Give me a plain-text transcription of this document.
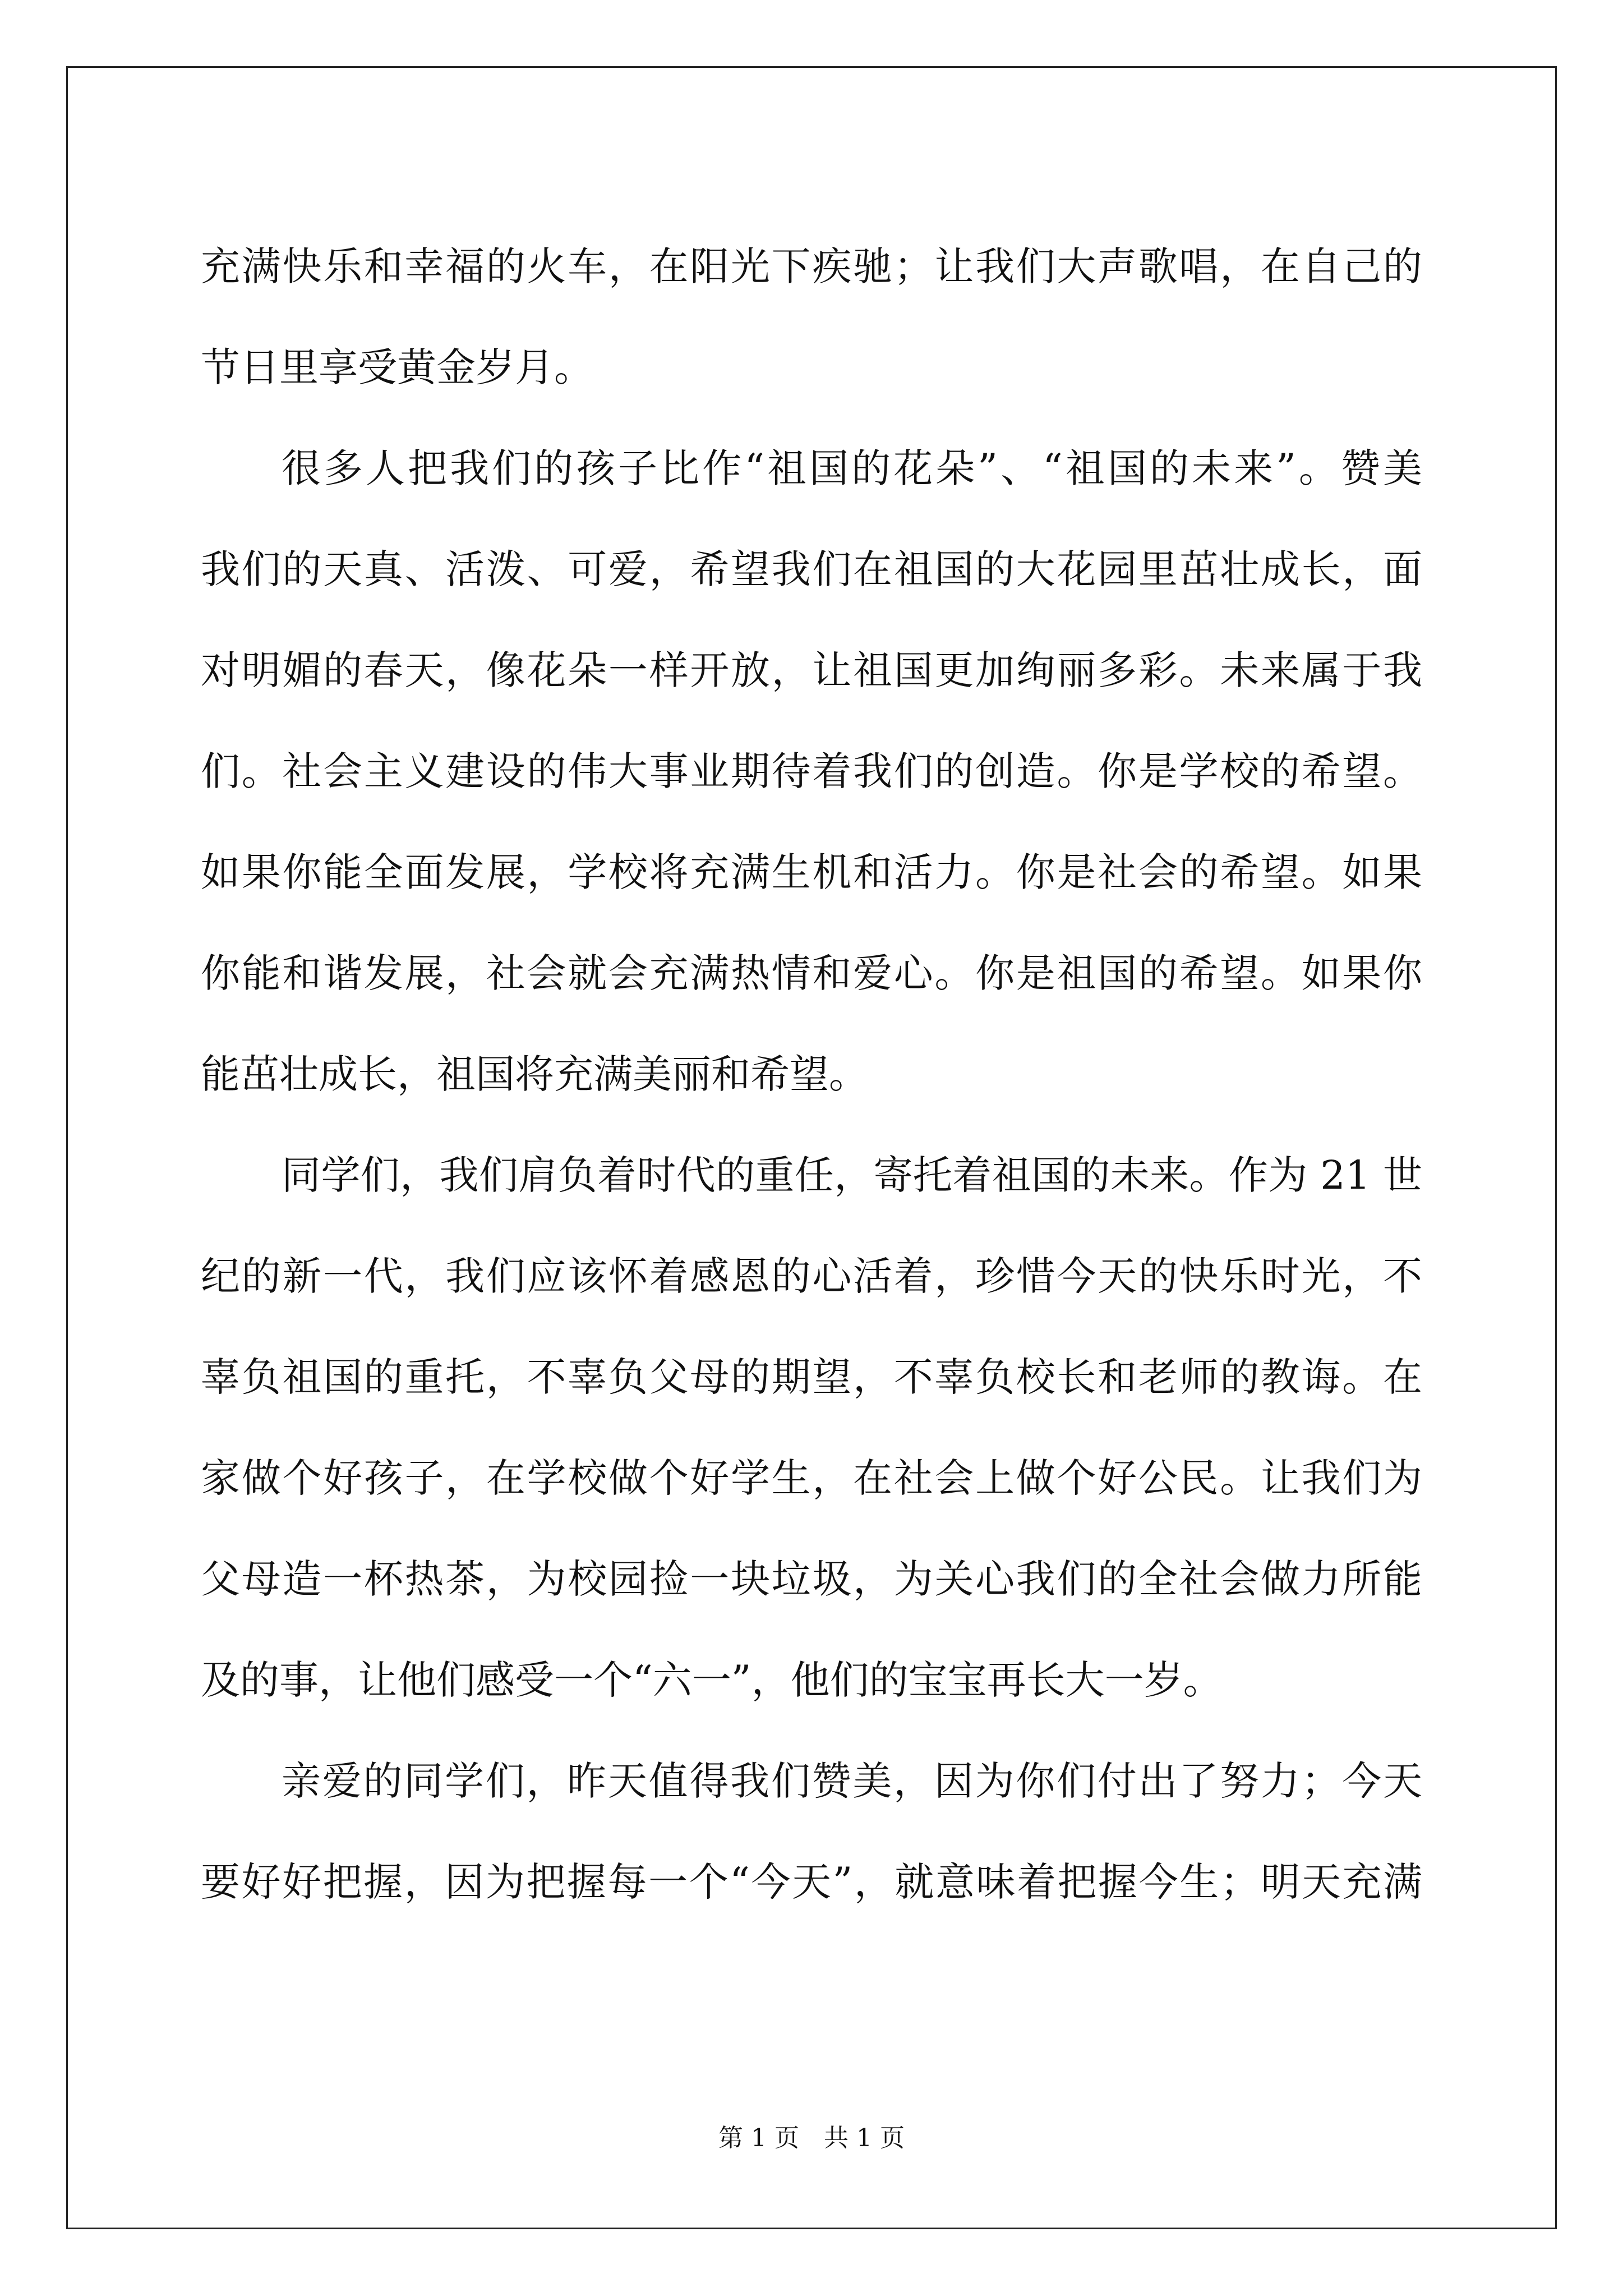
充满快乐和幸福的火车，在阳光下疾驰；让我们大声歌唱，在自己的
节日里享受黄金岁月。
很多人把我们的孩子比作“祖国的花朵”、“祖国的未来”。赞美
我们的天真、活泼、可爱，希望我们在祖国的大花园里茁壮成长，面
对明媚的春天，像花朵一样开放，让祖国更加绚丽多彩。未来属于我
们。社会主义建设的伟大事业期待着我们的创造。你是学校的希望。
如果你能全面发展，学校将充满生机和活力。你是社会的希望。如果
你能和谐发展，社会就会充满热情和爱心。你是祖国的希望。如果你
能茁壮成长，祖国将充满美丽和希望。
同学们，我们肩负着时代的重任，寄托着祖国的未来。作为 21 世
纪的新一代，我们应该怀着感恩的心活着，珍惜今天的快乐时光，不
辜负祖国的重托，不辜负父母的期望，不辜负校长和老师的教诲。在
家做个好孩子，在学校做个好学生，在社会上做个好公民。让我们为
父母造一杯热茶，为校园捡一块垃圾，为关心我们的全社会做力所能
及的事，让他们感受一个“六一”，他们的宝宝再长大一岁。
亲爱的同学们，昨天值得我们赞美，因为你们付出了努力；今天
要好好把握，因为把握每一个“今天”，就意味着把握今生；明天充满
第 1 页　共 1 页
